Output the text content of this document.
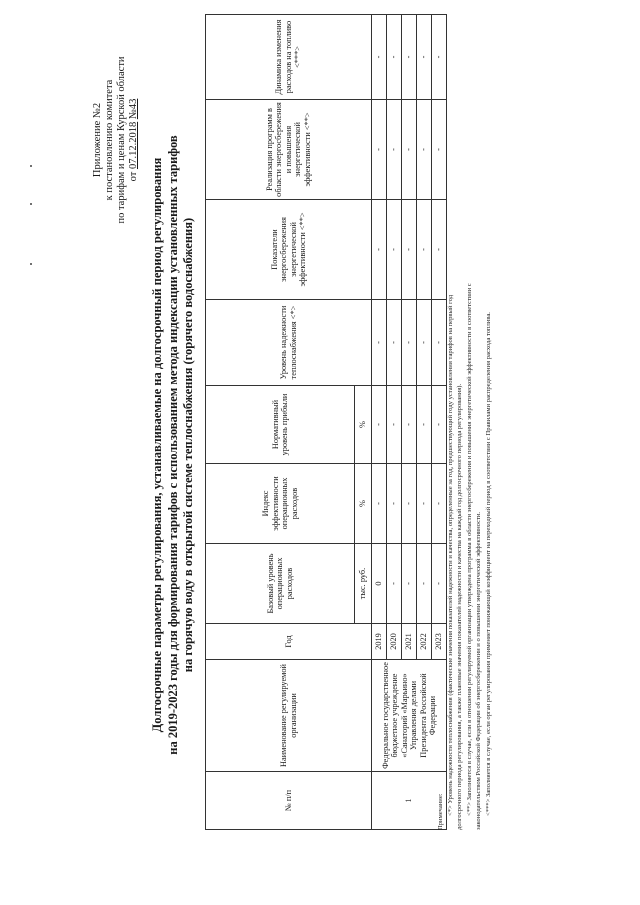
Приложение №2 к постановлению комитета по тарифам и ценам Курской области от 07.12.2018 №43
Долгосрочные параметры регулирования, устанавливаемые на долгосрочный период регулирования на 2019-2023 годы для формирования тарифов с использованием метода индексации установленных тарифов на горячую воду в открытой системе теплоснабжения (горячего водоснабжения)
№ п/п	Наименование регулируемой организации	Год	Базовый уровень операционных расходов	Индекс эффективности операционных расходов	Нормативный уровень прибыли	Уровень надежности теплоснабжения <*>	Показатели энергосбережения энергетической эффективности <**>	Реализация программ в области энергосбережения и повышения энергетической эффективности <**>	Динамика изменения расходов на топливо <***>
			тыс. руб.	%	%				
1	Федеральное государственное бюджетное учреждение «Санаторий «Марьино» Управления делами Президента Российской Федерации	2019	0	-	-	-	-	-	-
		2020	-	-	-	-	-	-	-
		2021	-	-	-	-	-	-	-
		2022	-	-	-	-	-	-	-
		2023	-	-	-	-	-	-	-
Примечание: <*> Уровень надежности теплоснабжения (фактические значения показателей надежности и качества, определенные за год, предшествующий году установления тарифов на первый год долгосрочного периода регулирования, а также плановые значения показателей надежности и качества на каждый год долгосрочного периода регулирования). <**> Заполняется в случае, если в отношении регулируемой организации утверждена программа в области энергосбережения и повышения энергетической эффективности в соответствии с законодательством Российской Федерации об энергосбережении и о повышении энергетической эффективности. <***> Заполняется в случае, если орган регулирования применяет понижающий коэффициент на переходный период в соответствии с Правилами распределения расхода топлива.
